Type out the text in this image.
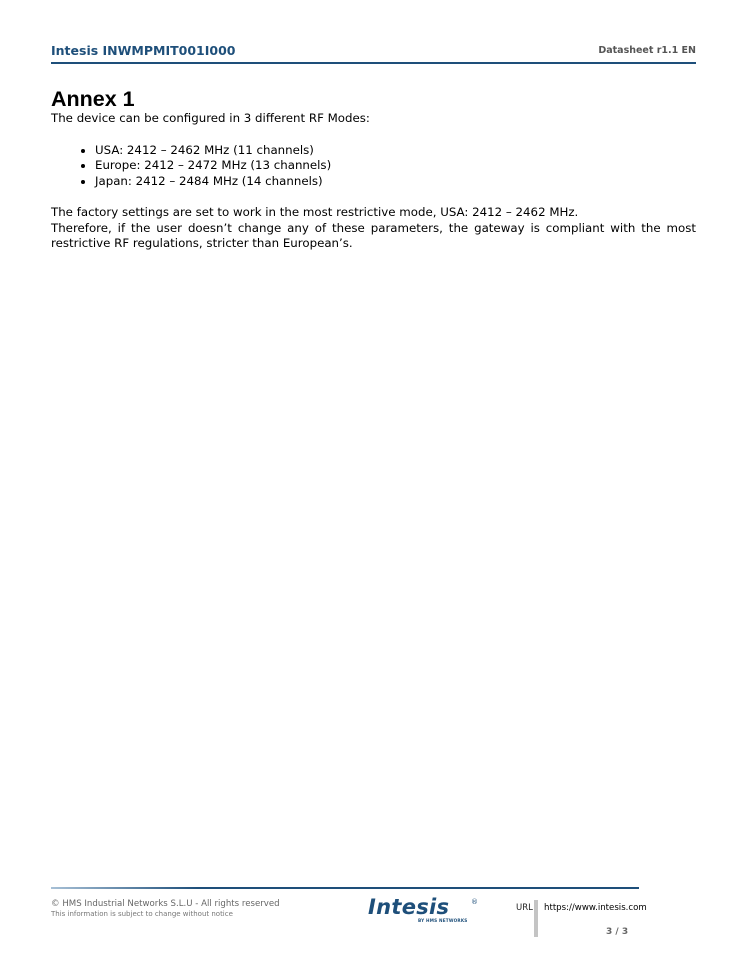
Intesis INWMPMIT001I000	Datasheet r1.1 EN
Annex 1

The device can be configured in 3 different RF Modes:

• USA: 2412 – 2462 MHz (11 channels)
• Europe: 2412 – 2472 MHz (13 channels)
• Japan: 2412 – 2484 MHz (14 channels)

The factory settings are set to work in the most restrictive mode, USA: 2412 – 2462 MHz.

Therefore, if the user doesn’t change any of these parameters, the gateway is compliant with the most restrictive RF regulations, stricter than European’s.

© HMS Industrial Networks S.L.U - All rights reserved
This information is subject to change without notice	Intesis	®
BY HMS NETWORKS
URL https://www.intesis.com
3 / 3
